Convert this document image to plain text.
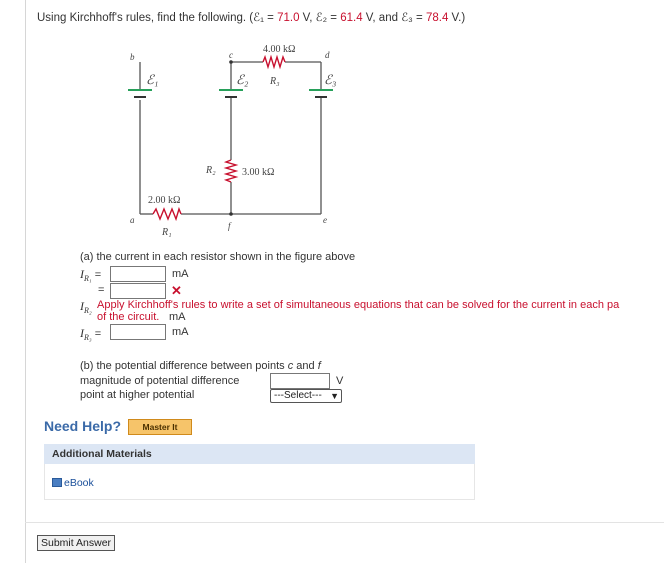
Using Kirchhoff's rules, find the following. (ℰ₁ = 71.0 V, ℰ₂ = 61.4 V, and ℰ₃ = 78.4 V.)
b	c	d
a
f
e
ℰ₁	ℰ₂	ℰ₃
4.00 kΩ
R₃
R₂	3.00 kΩ
2.00 kΩ
R₁
(a) the current in each resistor shown in the figure above
$I_{R_1}$ =	mA
=	✕
$I_{R_2}$ Apply Kirchhoff's rules to write a set of simultaneous equations that can be solved for the current in each pa
of the circuit. mA
$I_{R_3}$ =	mA
(b) the potential difference between points c and f
magnitude of potential difference	V
point at higher potential	---Select--- ▼
Need Help?	Master It
Additional Materials
eBook
Submit Answer
